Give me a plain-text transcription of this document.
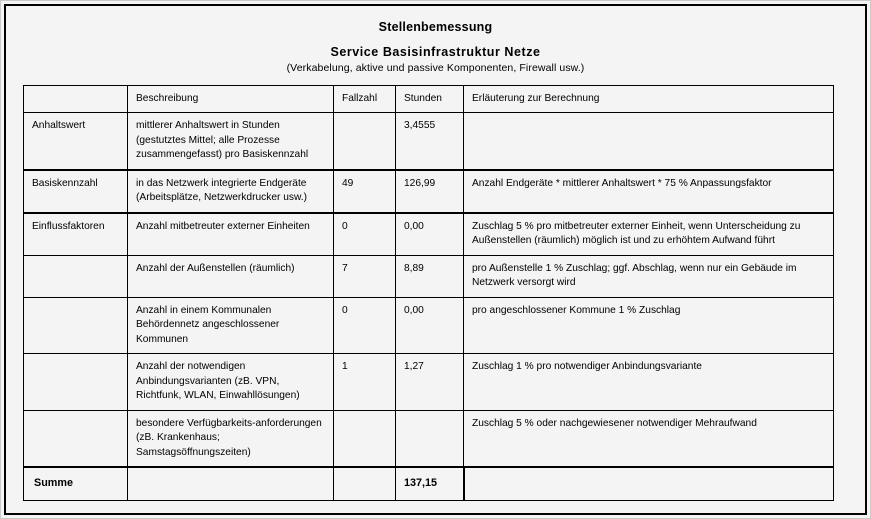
Stellenbemessung
Service Basisinfrastruktur Netze
(Verkabelung, aktive und passive Komponenten, Firewall usw.)
	Beschreibung	Fallzahl	Stunden	Erläuterung zur Berechnung
Anhaltswert	mittlerer Anhaltswert in Stunden (gestutztes Mittel; alle Prozesse zusammengefasst) pro Basiskennzahl		3,4555	
Basiskennzahl	in das Netzwerk integrierte Endgeräte (Arbeitsplätze, Netzwerkdrucker usw.)	49	126,99	Anzahl Endgeräte * mittlerer Anhaltswert * 75 % Anpassungsfaktor
Einflussfaktoren	Anzahl mitbetreuter externer Einheiten	0	0,00	Zuschlag 5 % pro mitbetreuter externer Einheit, wenn Unterscheidung zu Außenstellen (räumlich) möglich ist und zu erhöhtem Aufwand führt
	Anzahl der Außenstellen (räumlich)	7	8,89	pro Außenstelle 1 % Zuschlag; ggf. Abschlag, wenn nur ein Gebäude im Netzwerk versorgt wird
	Anzahl in einem Kommunalen Behördennetz angeschlossener Kommunen	0	0,00	pro angeschlossener Kommune 1 % Zuschlag
	Anzahl der notwendigen Anbindungsvarianten (zB. VPN, Richtfunk, WLAN, Einwahllösungen)	1	1,27	Zuschlag 1 % pro notwendiger Anbindungsvariante
	besondere Verfügbarkeits-anforderungen (zB. Krankenhaus; Samstagsöffnungszeiten)			Zuschlag 5 % oder nachgewiesener notwendiger Mehraufwand
Summe			137,15	
